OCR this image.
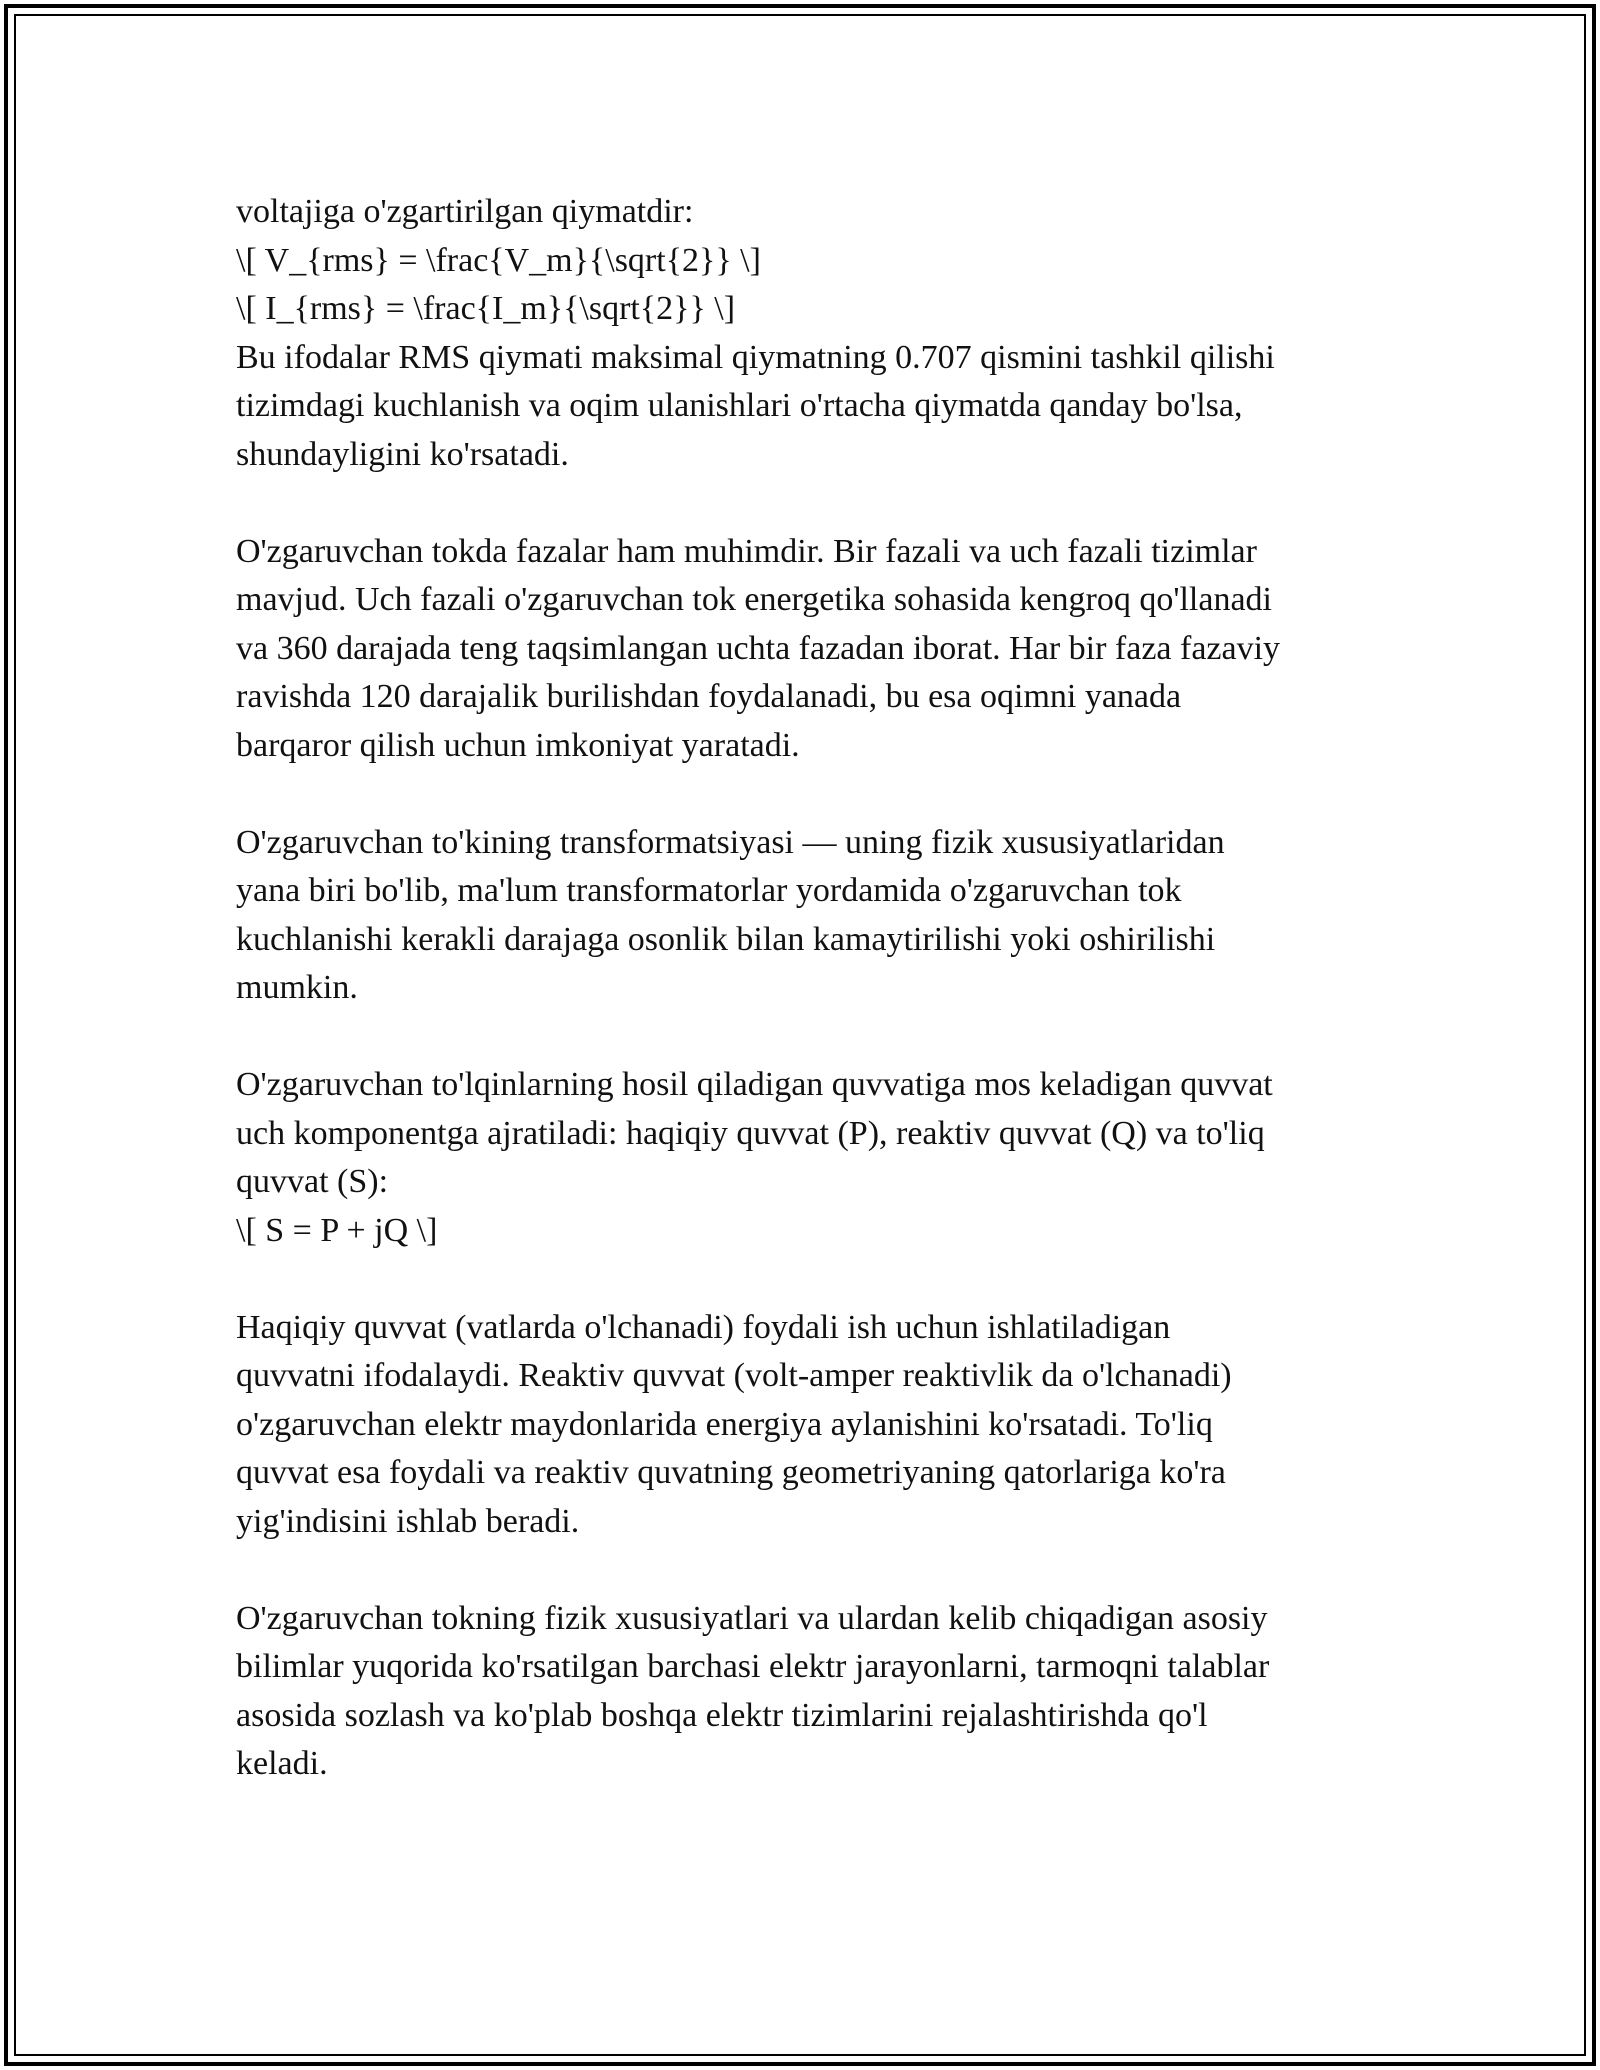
voltajiga o'zgartirilgan qiymatdir:
\[ V_{rms} = \frac{V_m}{\sqrt{2}} \]
\[ I_{rms} = \frac{I_m}{\sqrt{2}} \]
Bu ifodalar RMS qiymati maksimal qiymatning 0.707 qismini tashkil qilishi
tizimdagi kuchlanish va oqim ulanishlari o'rtacha qiymatda qanday bo'lsa,
shundayligini ko'rsatadi.
O'zgaruvchan tokda fazalar ham muhimdir. Bir fazali va uch fazali tizimlar
mavjud. Uch fazali o'zgaruvchan tok energetika sohasida kengroq qo'llanadi
va 360 darajada teng taqsimlangan uchta fazadan iborat. Har bir faza fazaviy
ravishda 120 darajalik burilishdan foydalanadi, bu esa oqimni yanada
barqaror qilish uchun imkoniyat yaratadi.
O'zgaruvchan to'kining transformatsiyasi — uning fizik xususiyatlaridan
yana biri bo'lib, ma'lum transformatorlar yordamida o'zgaruvchan tok
kuchlanishi kerakli darajaga osonlik bilan kamaytirilishi yoki oshirilishi
mumkin.
O'zgaruvchan to'lqinlarning hosil qiladigan quvvatiga mos keladigan quvvat
uch komponentga ajratiladi: haqiqiy quvvat (P), reaktiv quvvat (Q) va to'liq
quvvat (S):
\[ S = P + jQ \]
Haqiqiy quvvat (vatlarda o'lchanadi) foydali ish uchun ishlatiladigan
quvvatni ifodalaydi. Reaktiv quvvat (volt-amper reaktivlik da o'lchanadi)
o'zgaruvchan elektr maydonlarida energiya aylanishini ko'rsatadi. To'liq
quvvat esa foydali va reaktiv quvatning geometriyaning qatorlariga ko'ra
yig'indisini ishlab beradi.
O'zgaruvchan tokning fizik xususiyatlari va ulardan kelib chiqadigan asosiy
bilimlar yuqorida ko'rsatilgan barchasi elektr jarayonlarni, tarmoqni talablar
asosida sozlash va ko'plab boshqa elektr tizimlarini rejalashtirishda qo'l
keladi.
